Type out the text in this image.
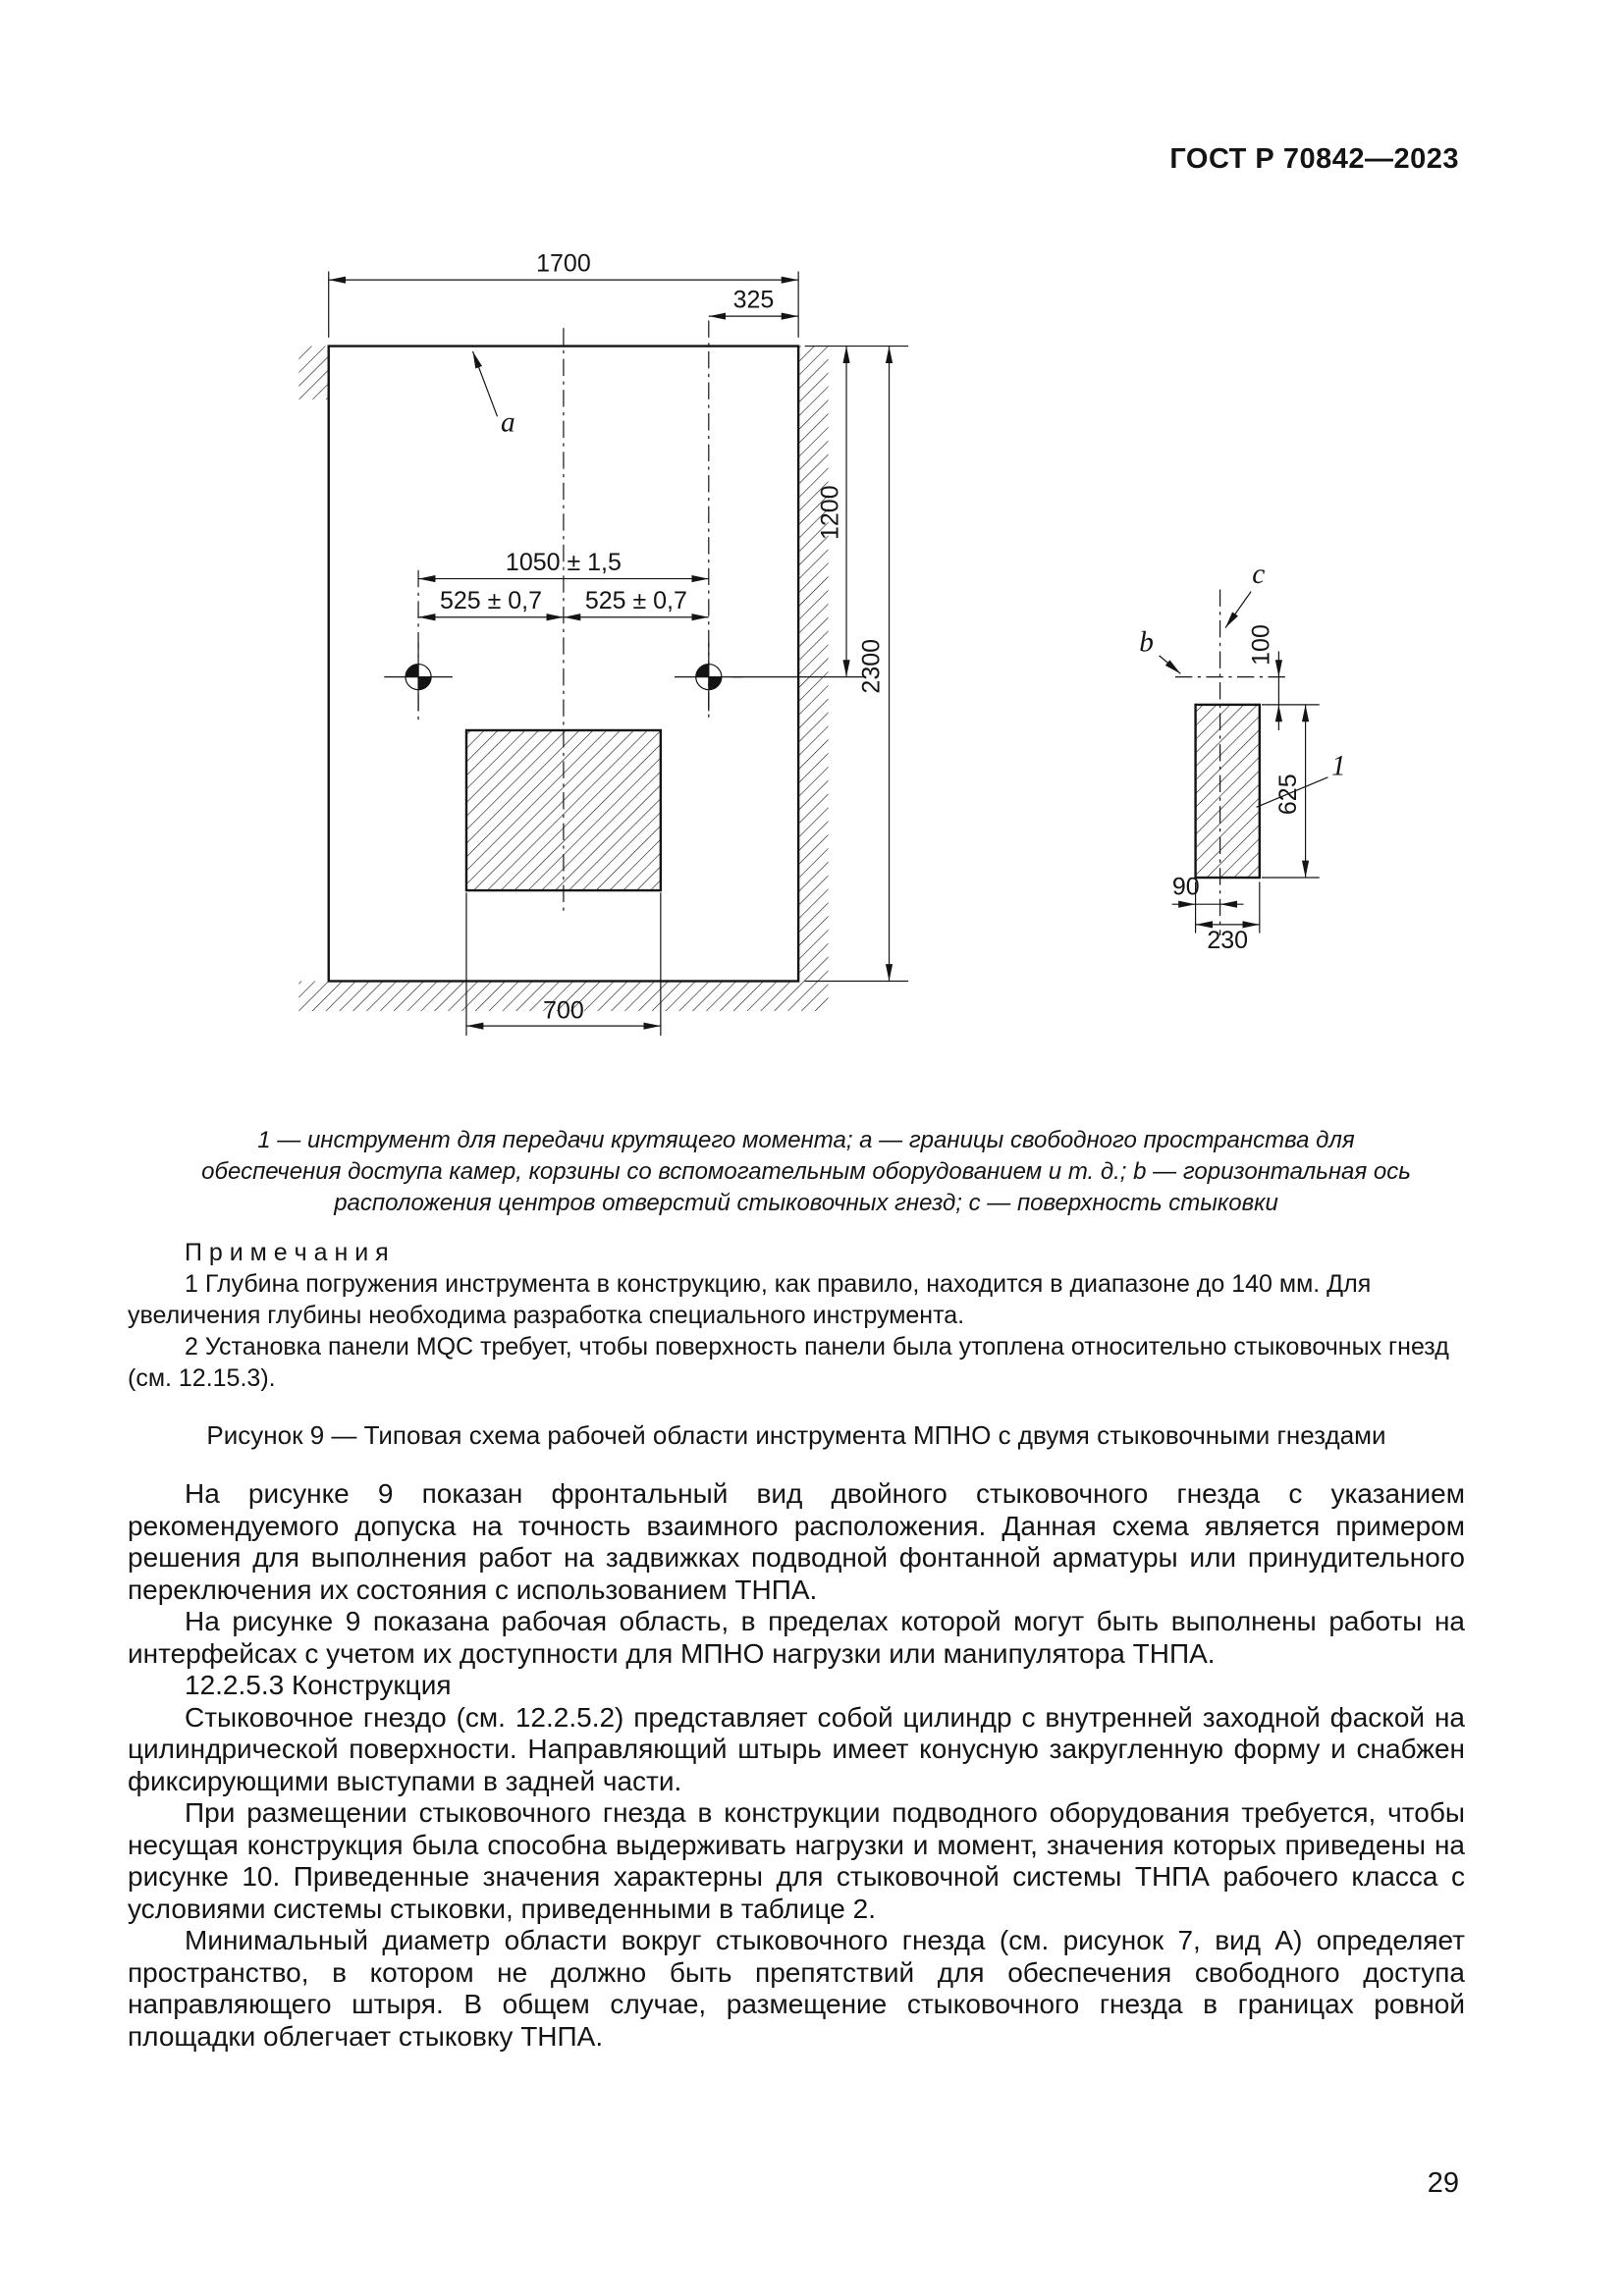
ГОСТ Р 70842—2023
1700
325
1050 ± 1,5
525 ± 0,7 525 ± 0,7
1200
2300
700
100
625
90
230
a
b
c
1
1 — инструмент для передачи крутящего момента; a — границы свободного пространства для обеспечения доступа камер, корзины со вспомогательным оборудованием и т. д.; b — горизонтальная ось расположения центров отверстий стыковочных гнезд; c — поверхность стыковки

П р и м е ч а н и я

1 Глубина погружения инструмента в конструкцию, как правило, находится в диапазоне до 140 мм. Для увеличения глубины необходима разработка специального инструмента.

2 Установка панели MQC требует, чтобы поверхность панели была утоплена относительно стыковочных гнезд (см. 12.15.3).

Рисунок 9 — Типовая схема рабочей области инструмента МПНО с двумя стыковочными гнездами

На рисунке 9 показан фронтальный вид двойного стыковочного гнезда с указанием рекомендуемого допуска на точность взаимного расположения. Данная схема является примером решения для выполнения работ на задвижках подводной фонтанной арматуры или принудительного переключения их состояния с использованием ТНПА.

На рисунке 9 показана рабочая область, в пределах которой могут быть выполнены работы на интерфейсах с учетом их доступности для МПНО нагрузки или манипулятора ТНПА.

12.2.5.3 Конструкция

Стыковочное гнездо (см. 12.2.5.2) представляет собой цилиндр с внутренней заходной фаской на цилиндрической поверхности. Направляющий штырь имеет конусную закругленную форму и снабжен фиксирующими выступами в задней части.

При размещении стыковочного гнезда в конструкции подводного оборудования требуется, чтобы несущая конструкция была способна выдерживать нагрузки и момент, значения которых приведены на рисунке 10. Приведенные значения характерны для стыковочной системы ТНПА рабочего класса с условиями системы стыковки, приведенными в таблице 2.

Минимальный диаметр области вокруг стыковочного гнезда (см. рисунок 7, вид А) определяет пространство, в котором не должно быть препятствий для обеспечения свободного доступа направляющего штыря. В общем случае, размещение стыковочного гнезда в границах ровной площадки облегчает стыковку ТНПА.

29
